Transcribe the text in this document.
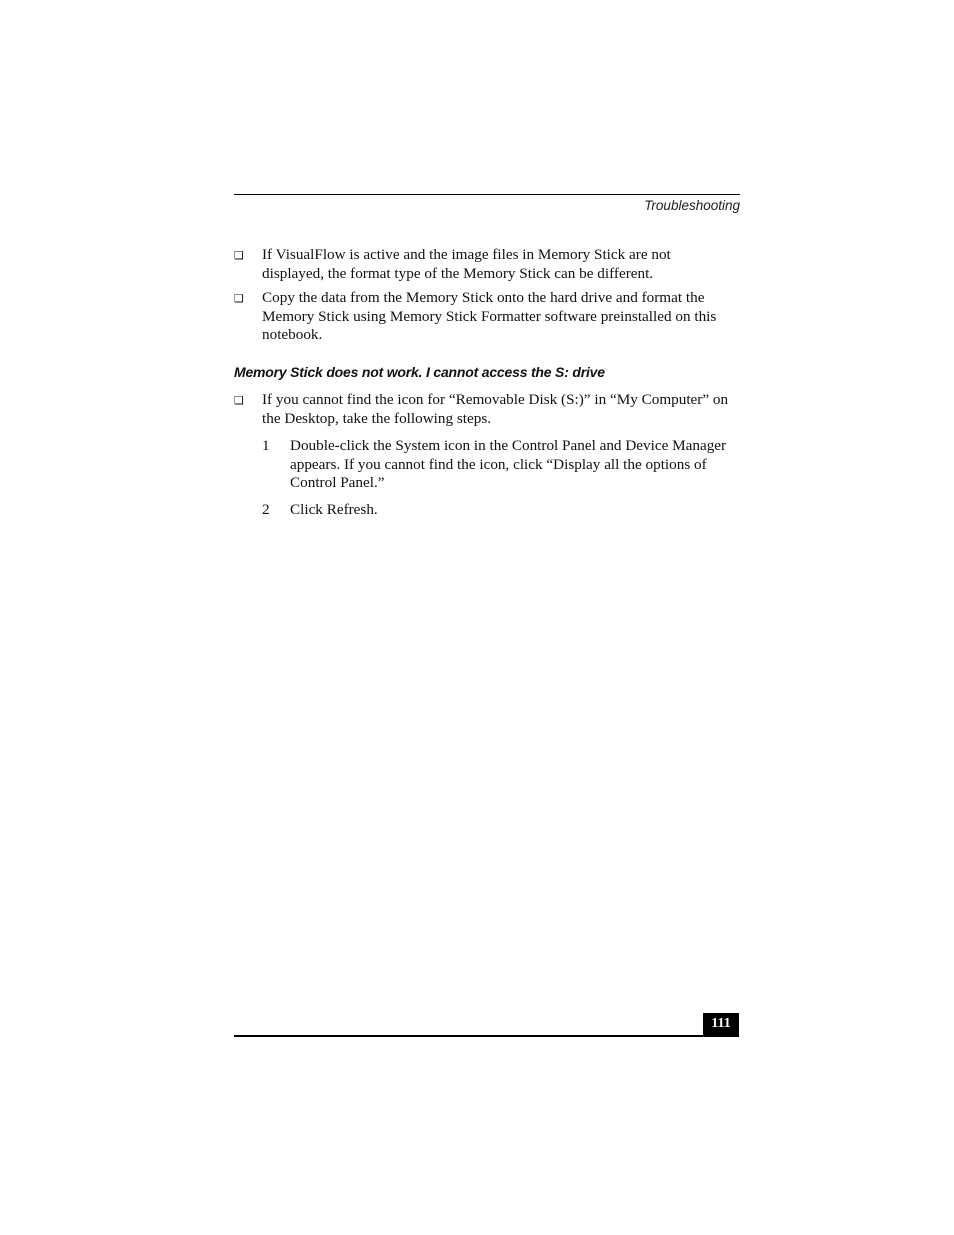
Troubleshooting
❑ If VisualFlow is active and the image files in Memory Stick are not
displayed, the format type of the Memory Stick can be different.
❑ Copy the data from the Memory Stick onto the hard drive and format the
Memory Stick using Memory Stick Formatter software preinstalled on this
notebook.
Memory Stick does not work. I cannot access the S: drive
❑ If you cannot find the icon for “Removable Disk (S:)” in “My Computer” on
the Desktop, take the following steps.
1 Double-click the System icon in the Control Panel and Device Manager
appears. If you cannot find the icon, click “Display all the options of
Control Panel.”
2 Click Refresh.
111
